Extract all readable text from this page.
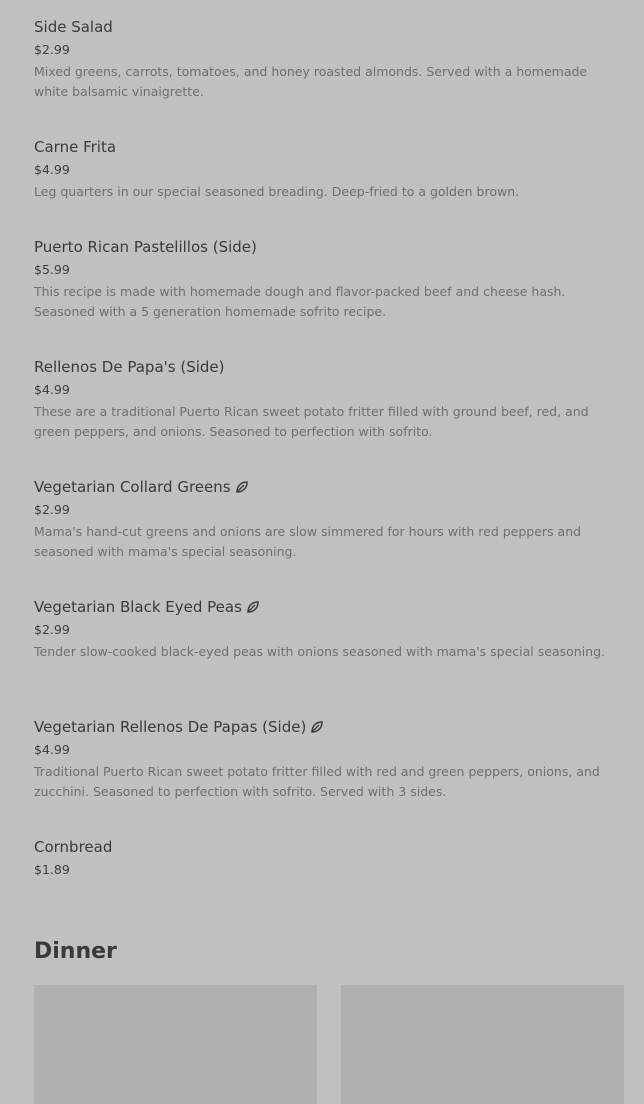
Side Salad
$2.99
Mixed greens, carrots, tomatoes, and honey roasted almonds. Served with a homemade white balsamic vinaigrette.
Carne Frita
$4.99
Leg quarters in our special seasoned breading. Deep-fried to a golden brown.
Puerto Rican Pastelillos (Side)
$5.99
This recipe is made with homemade dough and flavor-packed beef and cheese hash. Seasoned with a 5 generation homemade sofrito recipe.
Rellenos De Papa's (Side)
$4.99
These are a traditional Puerto Rican sweet potato fritter filled with ground beef, red, and green peppers, and onions. Seasoned to perfection with sofrito.
Vegetarian Collard Greens
$2.99
Mama's hand-cut greens and onions are slow simmered for hours with red peppers and seasoned with mama's special seasoning.
Vegetarian Black Eyed Peas
$2.99
Tender slow-cooked black-eyed peas with onions seasoned with mama's special seasoning.
Vegetarian Rellenos De Papas (Side)
$4.99
Traditional Puerto Rican sweet potato fritter filled with red and green peppers, onions, and zucchini. Seasoned to perfection with sofrito. Served with 3 sides.
Cornbread
$1.89
Dinner
